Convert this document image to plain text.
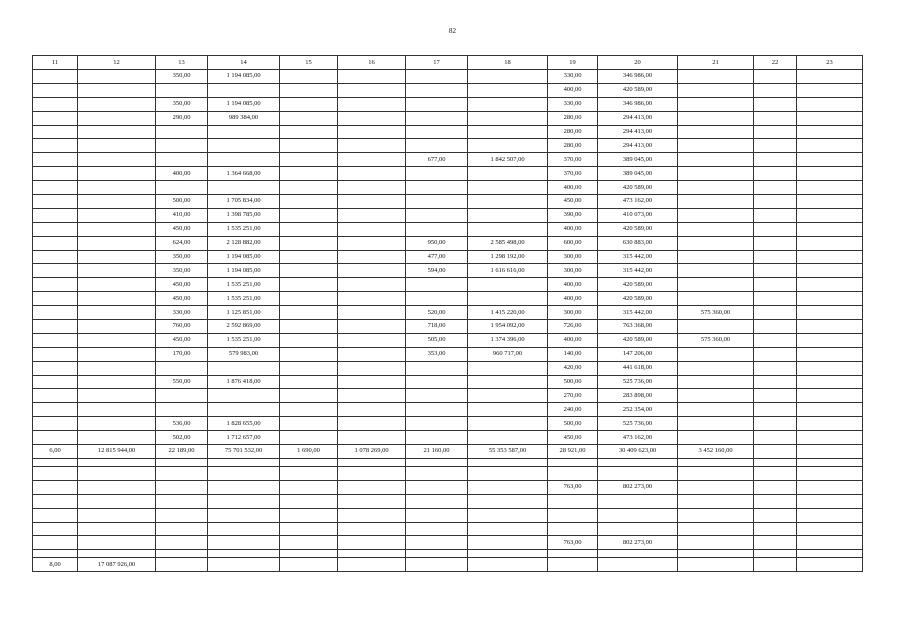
82
11	12	13	14	15	16	17	18	19	20	21	22	23
		350,00	1 194 085,00					330,00	346 986,00			
								400,00	420 589,00			
		350,00	1 194 085,00					330,00	346 986,00			
		290,00	989 384,00					280,00	294 413,00			
								280,00	294 413,00			
								280,00	294 413,00			
						677,00	1 842 507,00	370,00	389 045,00			
		400,00	1 364 668,00					370,00	389 045,00			
								400,00	420 589,00			
		500,00	1 705 834,00					450,00	473 162,00			
		410,00	1 398 785,00					390,00	410 073,00			
		450,00	1 535 251,00					400,00	420 589,00			
		624,00	2 128 882,00			950,00	2 585 498,00	600,00	630 883,00			
		350,00	1 194 085,00			477,00	1 298 192,00	300,00	315 442,00			
		350,00	1 194 085,00			594,00	1 616 616,00	300,00	315 442,00			
		450,00	1 535 251,00					400,00	420 589,00			
		450,00	1 535 251,00					400,00	420 589,00			
		330,00	1 125 851,00			520,00	1 415 220,00	300,00	315 442,00	575 360,00		
		760,00	2 592 869,00			718,00	1 954 092,00	726,00	763 368,00			
		450,00	1 535 251,00			505,00	1 374 396,00	400,00	420 589,00	575 360,00		
		170,00	579 983,00			353,00	960 717,00	140,00	147 206,00			
								420,00	441 618,00			
		550,00	1 876 418,00					500,00	525 736,00			
								270,00	283 898,00			
								240,00	252 354,00			
		536,00	1 828 655,00					500,00	525 736,00			
		502,00	1 712 657,00					450,00	473 162,00			
6,00	12 815 944,00	22 189,00	75 701 532,00	1 690,00	1 078 269,00	21 160,00	55 353 587,00	28 921,00	30 409 623,00	3 452 160,00		

								763,00	802 273,00			

								763,00	802 273,00			

8,00	17 087 926,00											
